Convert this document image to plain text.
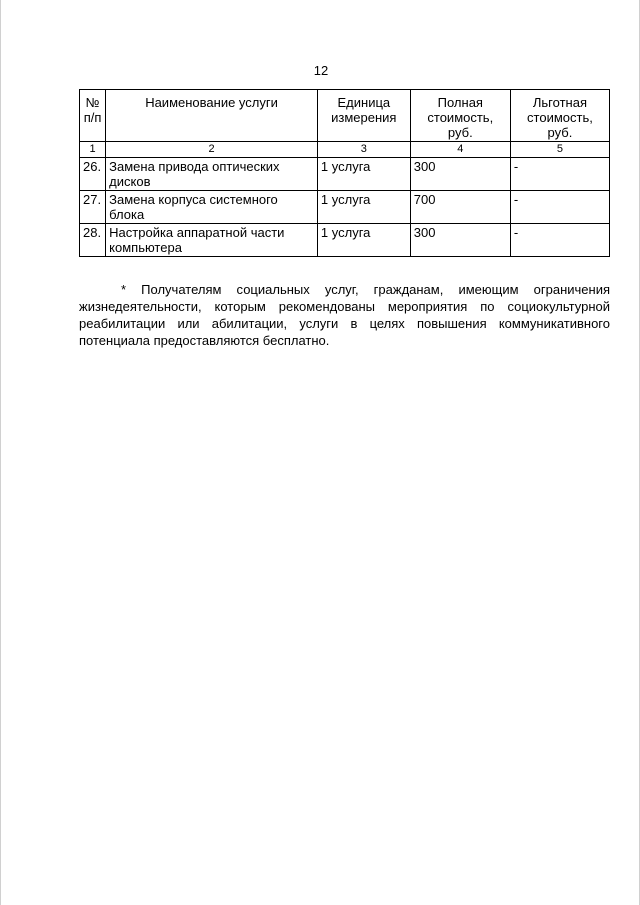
12
№ п/п	Наименование услуги	Единица измерения	Полная стоимость, руб.	Льготная стоимость, руб.
1	2	3	4	5
26.	Замена привода оптических дисков	1 услуга	300	-
27.	Замена корпуса системного блока	1 услуга	700	-
28.	Настройка аппаратной части компьютера	1 услуга	300	-

* Получателям социальных услуг, гражданам, имеющим ограничения жизнедеятельности, которым рекомендованы мероприятия по социокультурной реабилитации или абилитации, услуги в целях повышения коммуникативного потенциала предоставляются бесплатно.
